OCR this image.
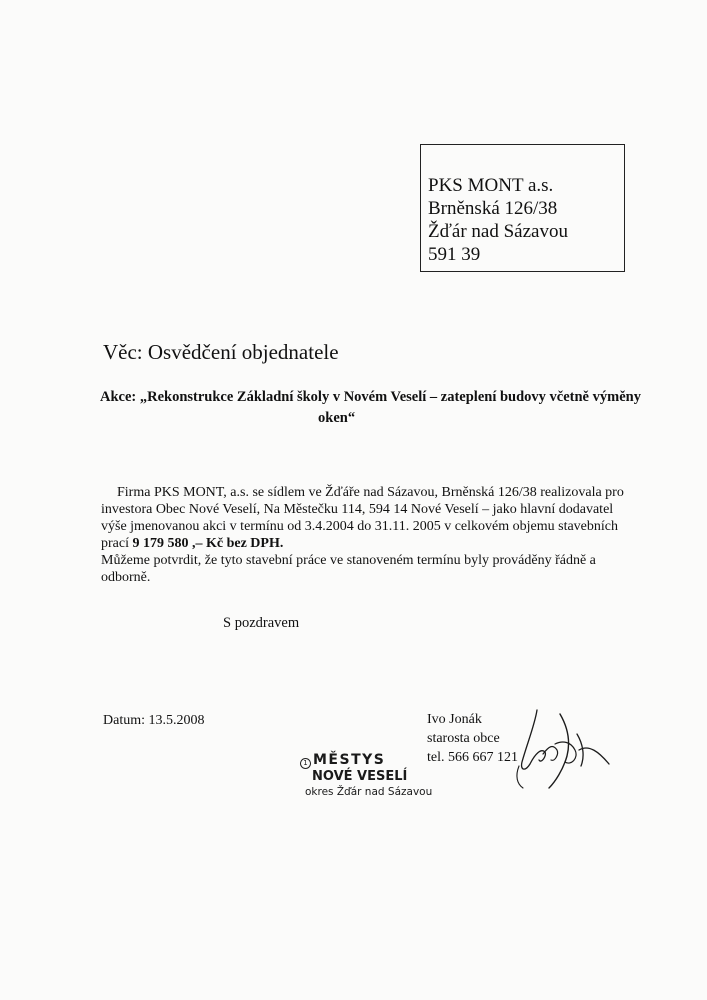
PKS MONT a.s.
Brněnská 126/38
Žďár nad Sázavou
591 39
Věc: Osvědčení objednatele
Akce: „Rekonstrukce Základní školy v Novém Veselí – zateplení budovy včetně výměny
oken“
Firma PKS MONT, a.s. se sídlem ve Žďáře nad Sázavou, Brněnská 126/38 realizovala pro
investora Obec Nové Veselí, Na Městečku 114, 594 14 Nové Veselí – jako hlavní dodavatel
výše jmenovanou akci v termínu od 3.4.2004 do 31.11. 2005 v celkovém objemu stavebních
prací 9 179 580 ,– Kč bez DPH.
Můžeme potvrdit, že tyto stavební práce ve stanoveném termínu byly prováděny řádně a
odborně.
S pozdravem
Datum: 13.5.2008	Ivo Jonák
starosta obce
tel. 566 667 121
1 MĚSTYS
NOVÉ VESELÍ
okres Žďár nad Sázavou
